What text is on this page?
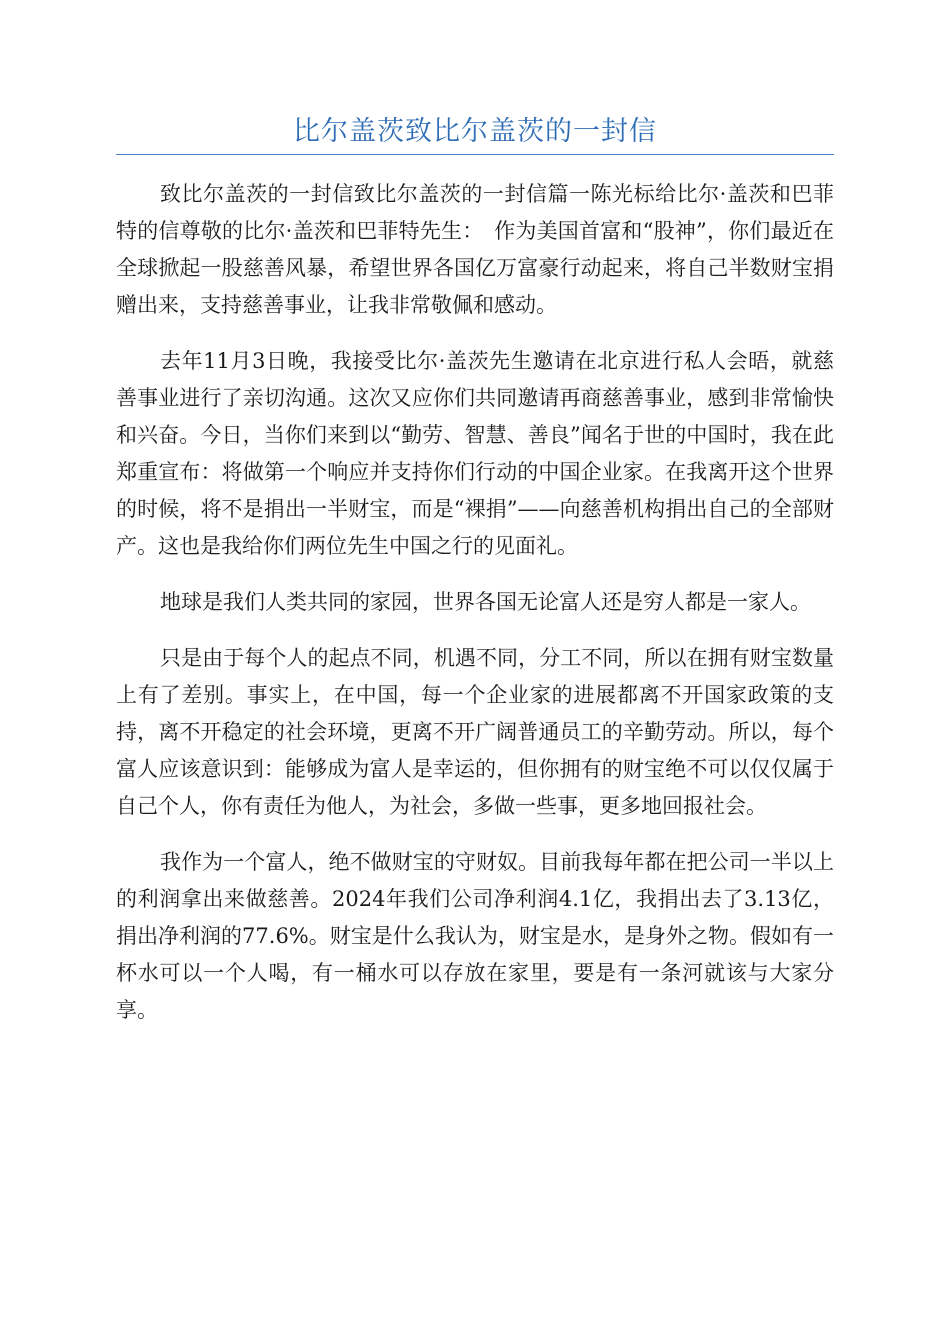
比尔盖茨致比尔盖茨的一封信

致比尔盖茨的一封信致比尔盖茨的一封信篇一陈光标给比尔·盖茨和巴菲特的信尊敬的比尔·盖茨和巴菲特先生：　作为美国首富和“股神”，你们最近在全球掀起一股慈善风暴，希望世界各国亿万富豪行动起来，将自己半数财宝捐赠出来，支持慈善事业，让我非常敬佩和感动。

去年11月3日晚，我接受比尔·盖茨先生邀请在北京进行私人会晤，就慈善事业进行了亲切沟通。这次又应你们共同邀请再商慈善事业，感到非常愉快和兴奋。今日，当你们来到以“勤劳、智慧、善良”闻名于世的中国时，我在此郑重宣布：将做第一个响应并支持你们行动的中国企业家。在我离开这个世界的时候，将不是捐出一半财宝，而是“裸捐”——向慈善机构捐出自己的全部财产。这也是我给你们两位先生中国之行的见面礼。

地球是我们人类共同的家园，世界各国无论富人还是穷人都是一家人。

只是由于每个人的起点不同，机遇不同，分工不同，所以在拥有财宝数量上有了差别。事实上，在中国，每一个企业家的进展都离不开国家政策的支持，离不开稳定的社会环境，更离不开广阔普通员工的辛勤劳动。所以，每个富人应该意识到：能够成为富人是幸运的，但你拥有的财宝绝不可以仅仅属于自己个人，你有责任为他人，为社会，多做一些事，更多地回报社会。

我作为一个富人，绝不做财宝的守财奴。目前我每年都在把公司一半以上的利润拿出来做慈善。2024年我们公司净利润4.1亿，我捐出去了3.13亿，捐出净利润的77.6%。财宝是什么我认为，财宝是水，是身外之物。假如有一杯水可以一个人喝，有一桶水可以存放在家里，要是有一条河就该与大家分享。
